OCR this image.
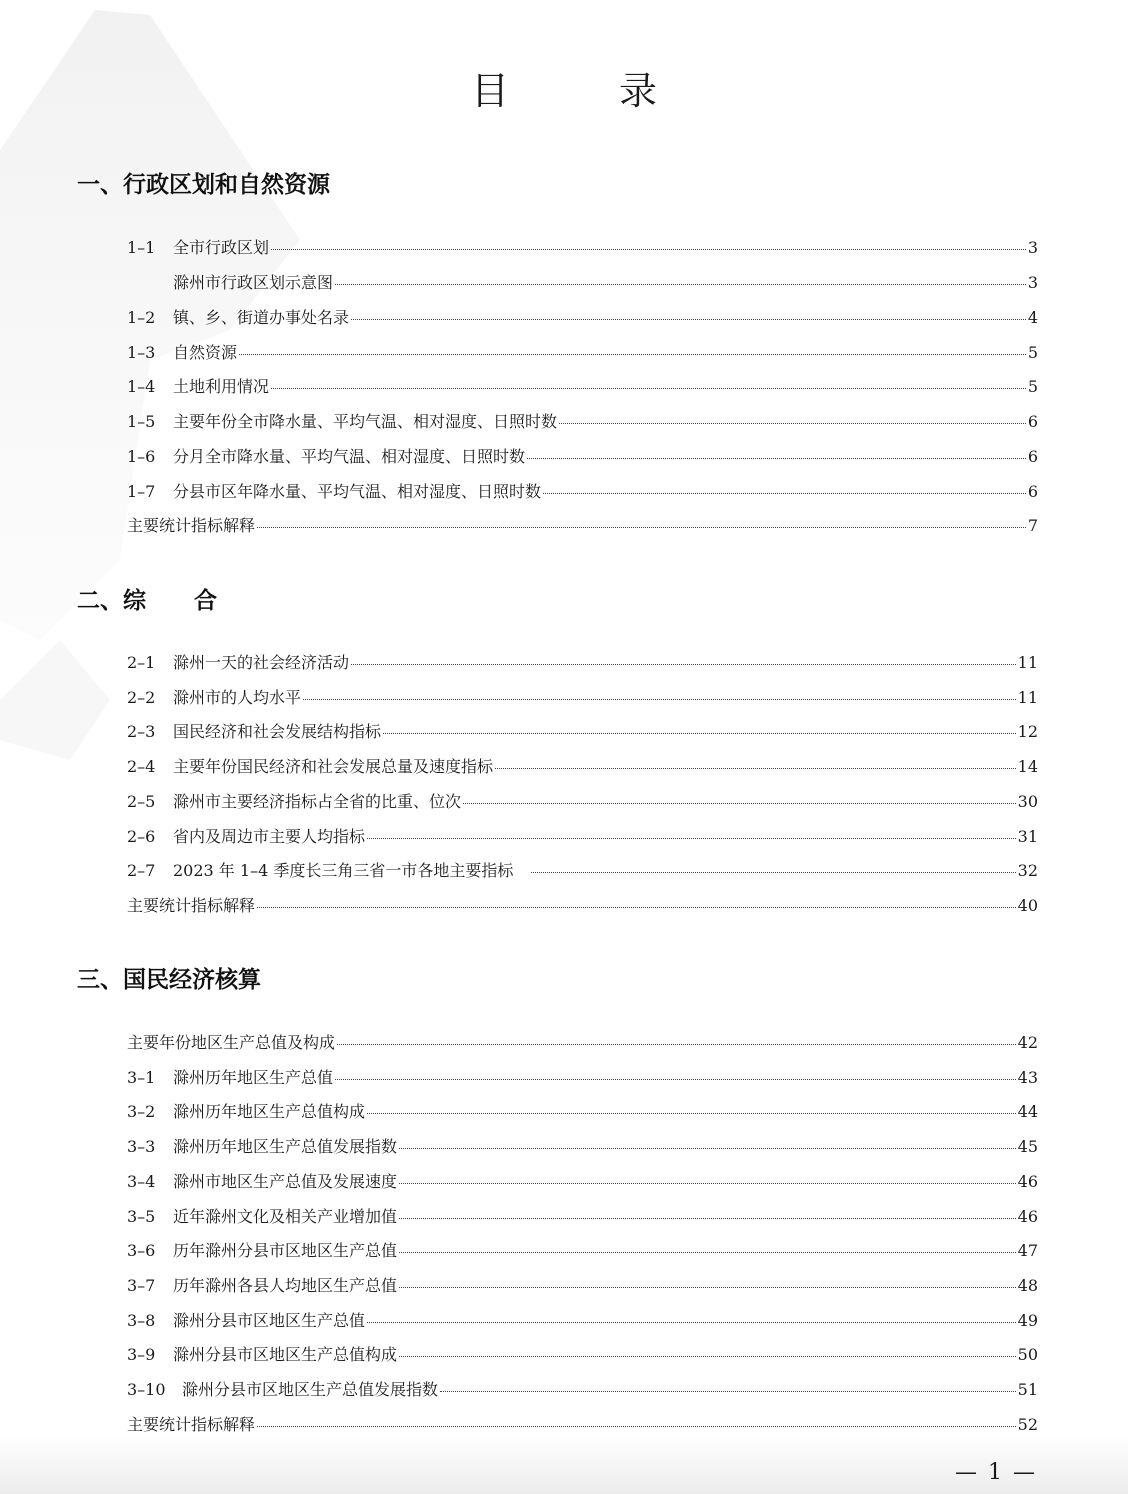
目	录
一、行政区划和自然资源
1–1	全市行政区划	3
滁州市行政区划示意图	3
1–2	镇、乡、街道办事处名录	4
1–3	自然资源	5
1–4	土地利用情况	5
1–5	主要年份全市降水量、平均气温、相对湿度、日照时数	6
1–6	分月全市降水量、平均气温、相对湿度、日照时数	6
1–7	分县市区年降水量、平均气温、相对湿度、日照时数	6
主要统计指标解释	7
二、综      合
2–1	滁州一天的社会经济活动	11
2–2	滁州市的人均水平	11
2–3	国民经济和社会发展结构指标	12
2–4	主要年份国民经济和社会发展总量及速度指标	14
2–5	滁州市主要经济指标占全省的比重、位次	30
2–6	省内及周边市主要人均指标	31
2–7	2023 年 1–4 季度长三角三省一市各地主要指标	32
主要统计指标解释	40
三、国民经济核算
主要年份地区生产总值及构成	42
3–1	滁州历年地区生产总值	43
3–2	滁州历年地区生产总值构成	44
3–3	滁州历年地区生产总值发展指数	45
3–4	滁州市地区生产总值及发展速度	46
3–5	近年滁州文化及相关产业增加值	46
3–6	历年滁州分县市区地区生产总值	47
3–7	历年滁州各县人均地区生产总值	48
3–8	滁州分县市区地区生产总值	49
3–9	滁州分县市区地区生产总值构成	50
3–10	滁州分县市区地区生产总值发展指数	51
主要统计指标解释	52
— 1 —
